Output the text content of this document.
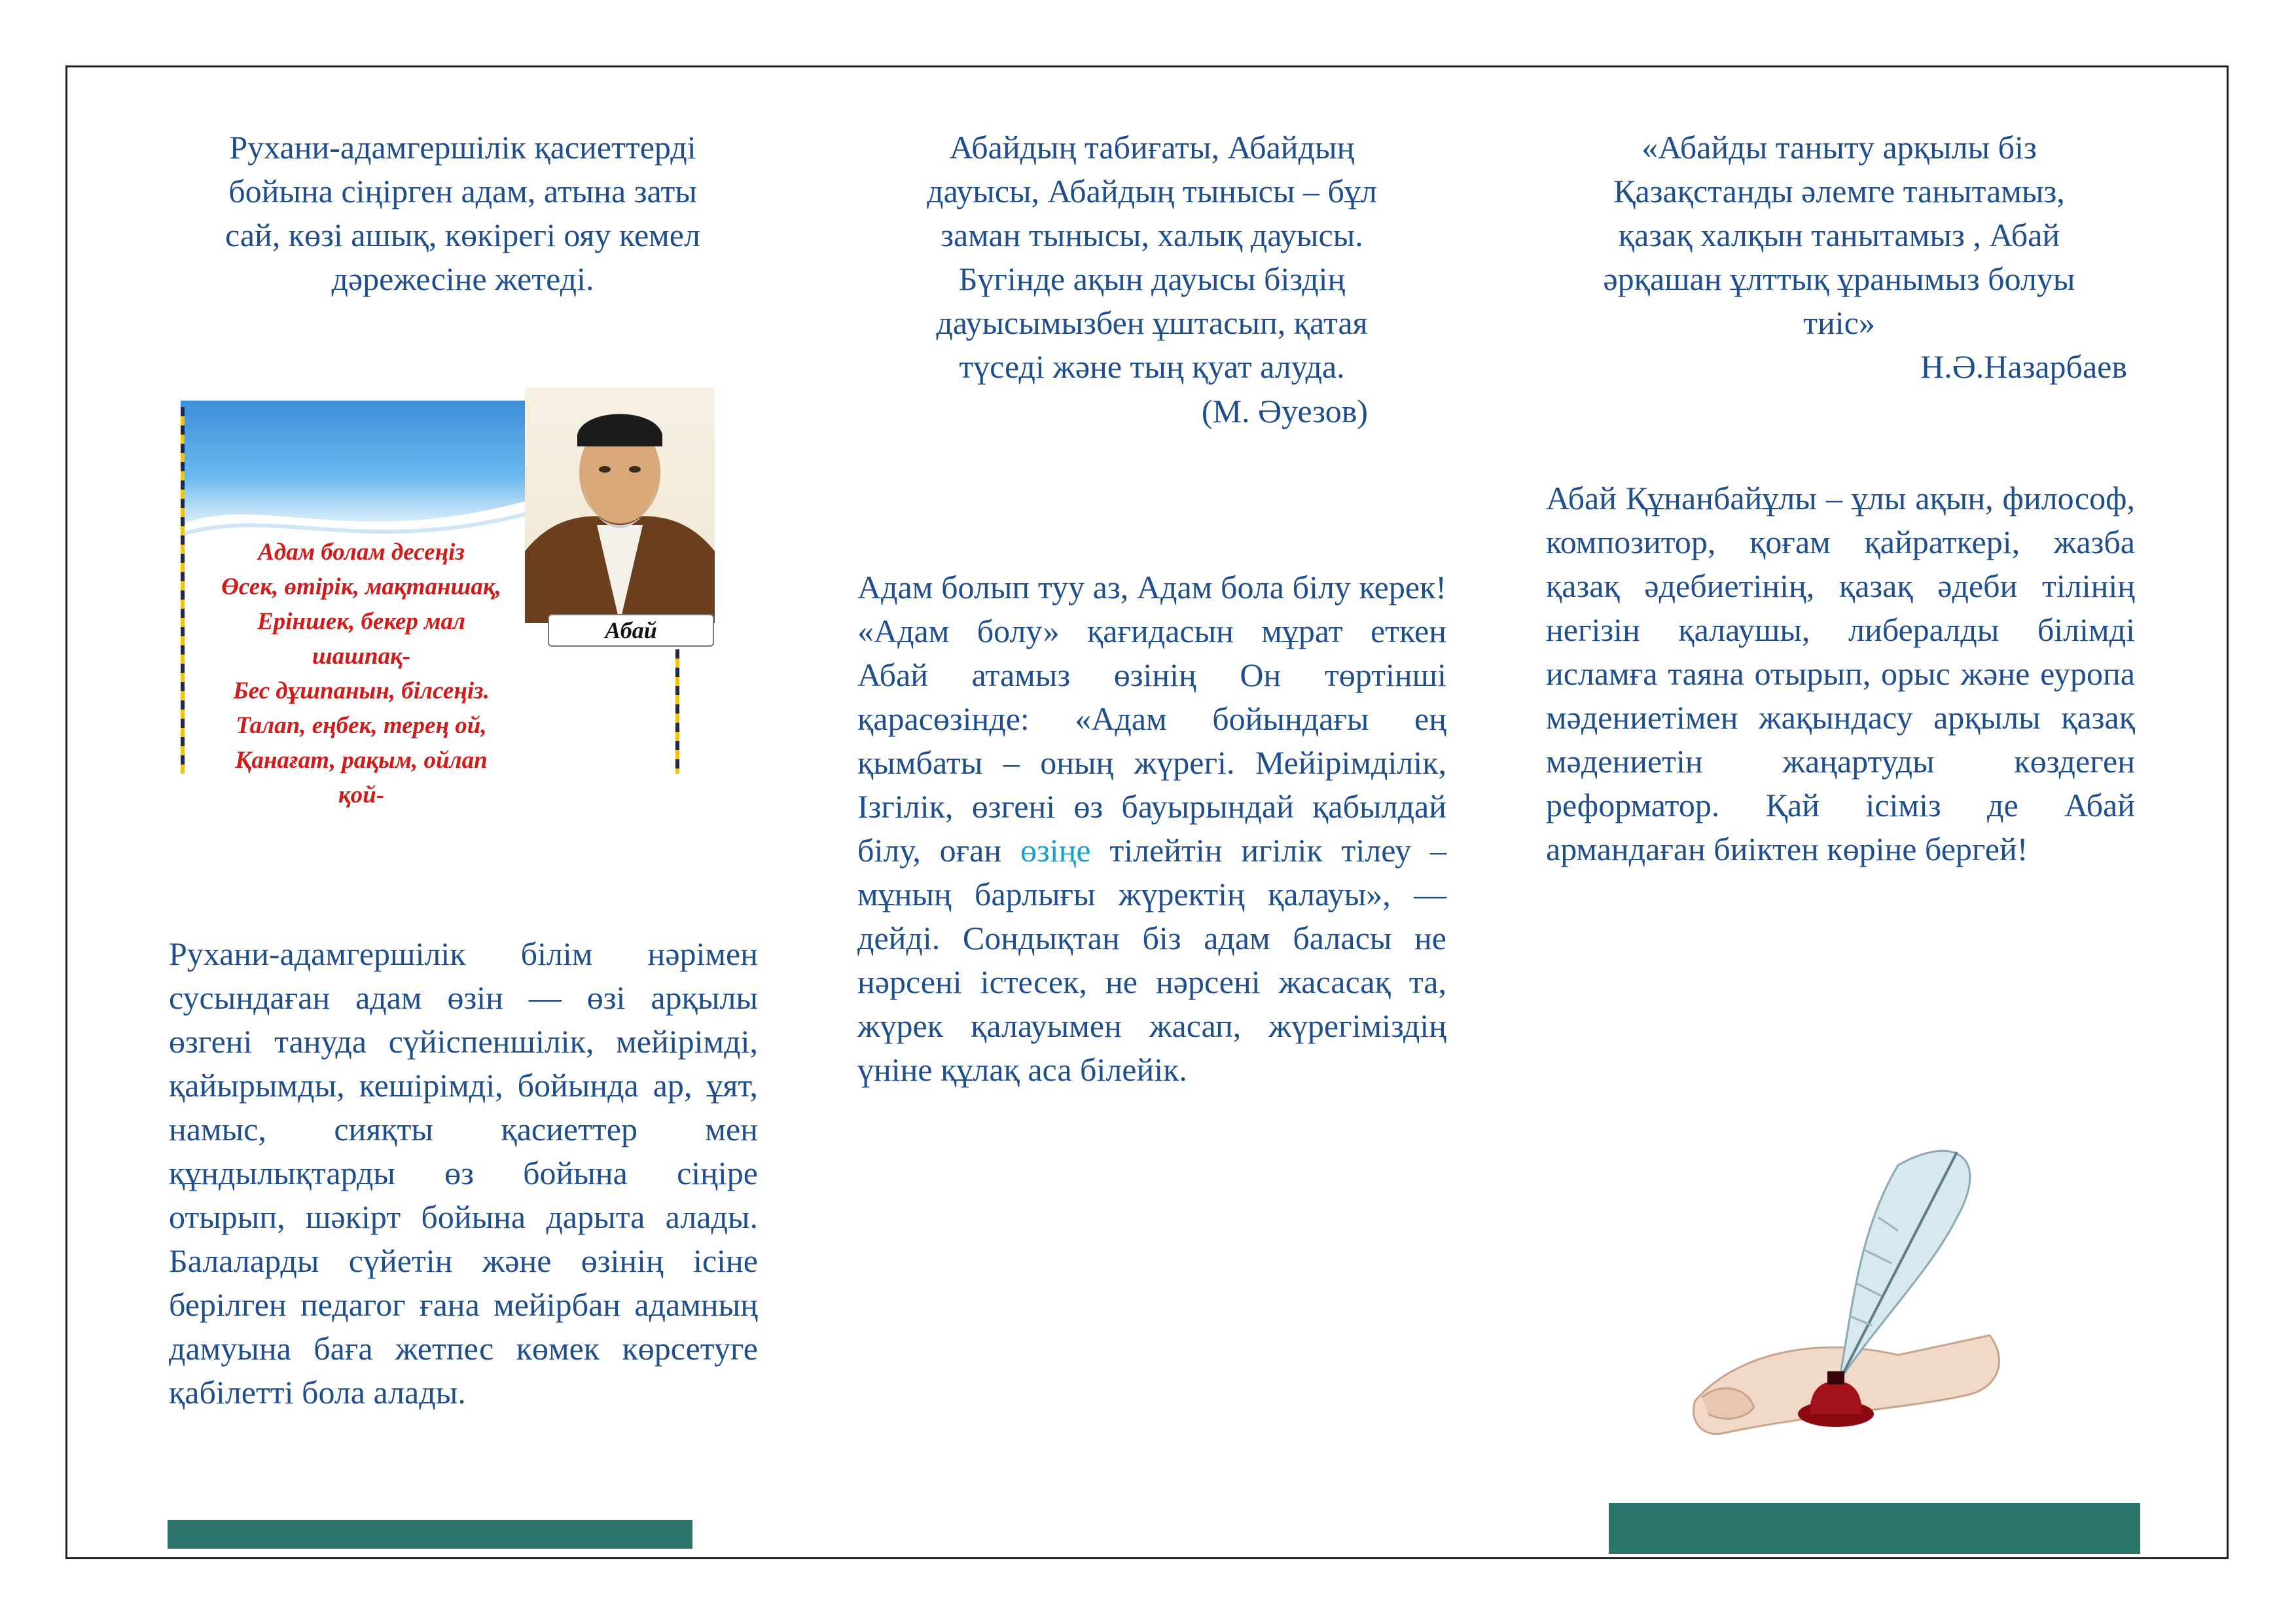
Рухани-адамгершілік қасиеттерді
бойына сіңірген адам, атына заты
сай, көзі ашық, көкірегі ояу кемел
дәрежесіне жетеді.
Абай
Адам болам десеңіз
Өсек, өтірік, мақтаншақ,
Еріншек, бекер мал
шашпақ-
Бес дұшпанын, білсеңіз.
Талап, еңбек, терең ой,
Қанағат, рақым, ойлап
қой-
Рухани-адамгершілік білім нәрімен сусындаған адам өзін — өзі арқылы өзгені тануда сүйіспеншілік, мейірімді, қайырымды, кешірімді, бойында ар, ұят, намыс, сияқты қасиеттер мен құндылықтарды өз бойына сіңіре отырып, шәкірт бойына дарыта алады. Балаларды сүйетін және өзінің ісіне берілген педагог ғана мейірбан адамның дамуына баға жетпес көмек көрсетуге қабілетті бола алады.
Абайдың табиғаты, Абайдың
дауысы, Абайдың тынысы – бұл
заман тынысы, халық дауысы.
Бүгінде ақын дауысы біздің
дауысымызбен ұштасып, қатая
түседі және тың қуат алуда.
(М. Әуезов)
Адам болып туу аз, Адам бола білу керек! «Адам болу» қағидасын мұрат еткен Абай атамыз өзінің Он төртінші қарасөзінде: «Адам бойындағы ең қымбаты – оның жүрегі. Мейірімділік, Ізгілік, өзгені өз бауырындай қабылдай білу, оған өзіңе тілейтін игілік тілеу – мұның барлығы жүректің қалауы», — дейді. Сондықтан біз адам баласы не нәрсені істесек, не нәрсені жасасақ та, жүрек қалауымен жасап, жүрегіміздің үніне құлақ аса білейік.
«Абайды таныту арқылы біз
Қазақстанды әлемге танытамыз,
қазақ халқын танытамыз , Абай
әрқашан ұлттық ұранымыз болуы
тиіс»
Н.Ә.Назарбаев
Абай Құнанбайұлы – ұлы ақын, философ, композитор, қоғам қайраткері, жазба қазақ әдебиетінің, қазақ әдеби тілінің негізін қалаушы, либералды білімді исламға таяна отырып, орыс және еуропа мәдениетімен жақындасу арқылы қазақ мәдениетін жаңартуды көздеген реформатор. Қай ісіміз де Абай армандаған биіктен көріне бергей!
